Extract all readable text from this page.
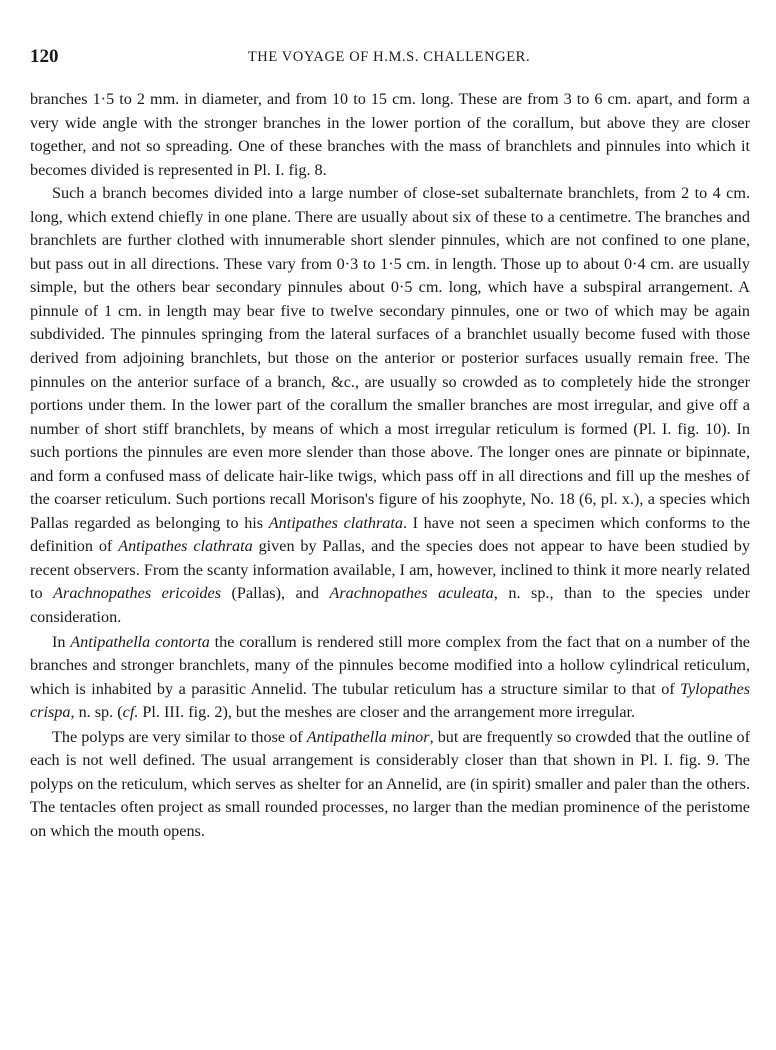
120	THE VOYAGE OF H.M.S. CHALLENGER.

branches 1·5 to 2 mm. in diameter, and from 10 to 15 cm. long. These are from 3 to 6 cm. apart, and form a very wide angle with the stronger branches in the lower portion of the corallum, but above they are closer together, and not so spreading. One of these branches with the mass of branchlets and pinnules into which it becomes divided is represented in Pl. I. fig. 8.

Such a branch becomes divided into a large number of close-set subalternate branchlets, from 2 to 4 cm. long, which extend chiefly in one plane. There are usually about six of these to a centimetre. The branches and branchlets are further clothed with innumerable short slender pinnules, which are not confined to one plane, but pass out in all directions. These vary from 0·3 to 1·5 cm. in length. Those up to about 0·4 cm. are usually simple, but the others bear secondary pinnules about 0·5 cm. long, which have a subspiral arrangement. A pinnule of 1 cm. in length may bear five to twelve secondary pinnules, one or two of which may be again subdivided. The pinnules springing from the lateral surfaces of a branchlet usually become fused with those derived from adjoining branchlets, but those on the anterior or posterior surfaces usually remain free. The pinnules on the anterior surface of a branch, &c., are usually so crowded as to completely hide the stronger portions under them. In the lower part of the corallum the smaller branches are most irregular, and give off a number of short stiff branchlets, by means of which a most irregular reticulum is formed (Pl. I. fig. 10). In such portions the pinnules are even more slender than those above. The longer ones are pinnate or bipinnate, and form a confused mass of delicate hair-like twigs, which pass off in all directions and fill up the meshes of the coarser reticulum. Such portions recall Morison's figure of his zoophyte, No. 18 (6, pl. x.), a species which Pallas regarded as belonging to his Antipathes clathrata. I have not seen a specimen which conforms to the definition of Antipathes clathrata given by Pallas, and the species does not appear to have been studied by recent observers. From the scanty information available, I am, however, inclined to think it more nearly related to Arachnopathes ericoides (Pallas), and Arachnopathes aculeata, n. sp., than to the species under consideration.

In Antipathella contorta the corallum is rendered still more complex from the fact that on a number of the branches and stronger branchlets, many of the pinnules become modified into a hollow cylindrical reticulum, which is inhabited by a parasitic Annelid. The tubular reticulum has a structure similar to that of Tylopathes crispa, n. sp. (cf. Pl. III. fig. 2), but the meshes are closer and the arrangement more irregular.

The polyps are very similar to those of Antipathella minor, but are frequently so crowded that the outline of each is not well defined. The usual arrangement is considerably closer than that shown in Pl. I. fig. 9. The polyps on the reticulum, which serves as shelter for an Annelid, are (in spirit) smaller and paler than the others. The tentacles often project as small rounded processes, no larger than the median prominence of the peristome on which the mouth opens.
